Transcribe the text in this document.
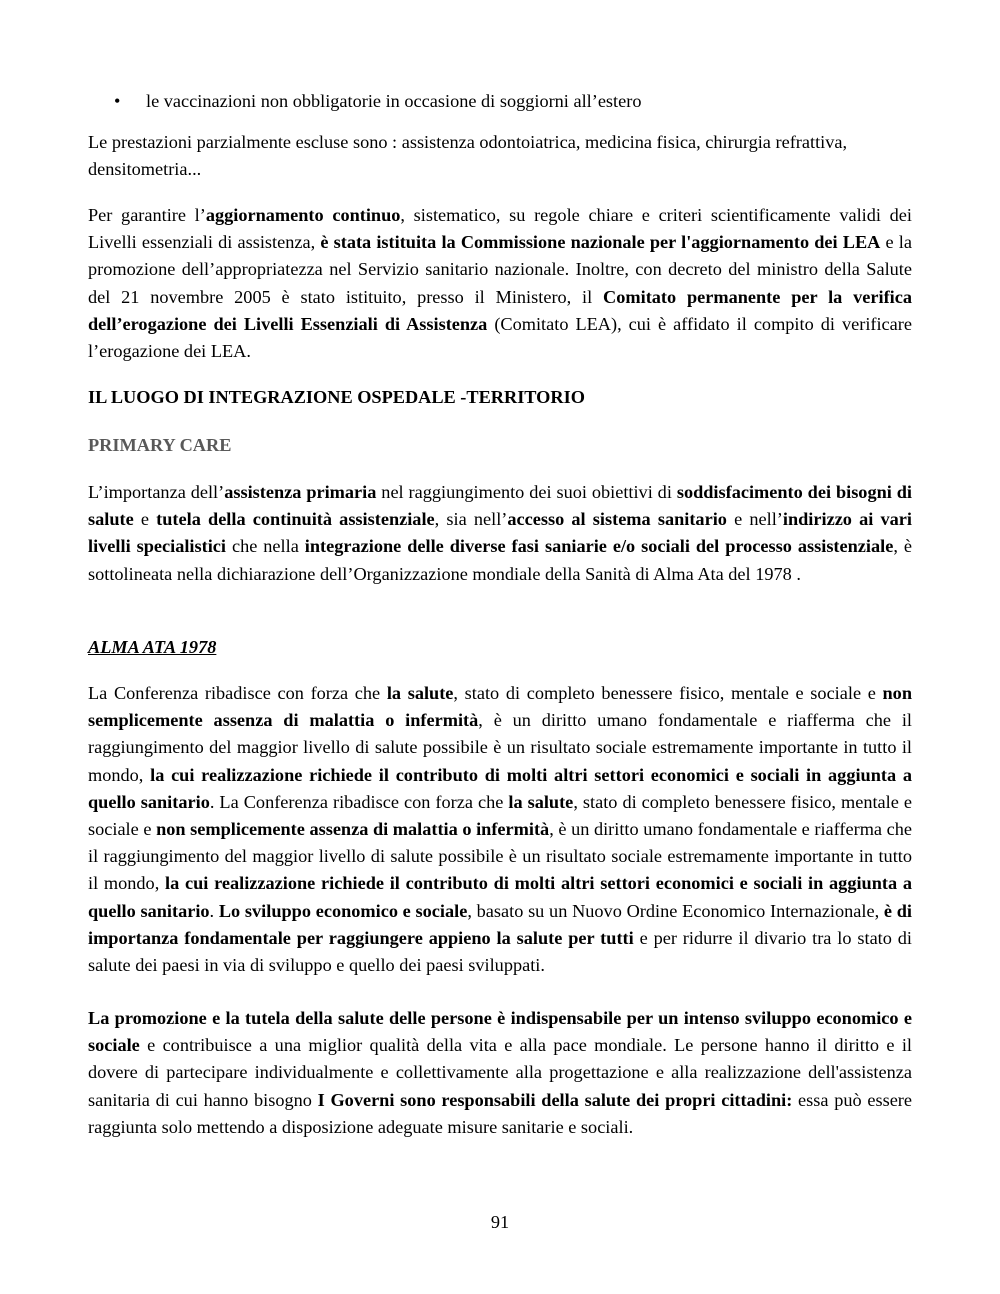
• le vaccinazioni non obbligatorie in occasione di soggiorni all’estero

Le prestazioni parzialmente escluse sono : assistenza odontoiatrica, medicina fisica, chirurgia refrattiva, densitometria...

Per garantire l’aggiornamento continuo, sistematico, su regole chiare e criteri scientificamente validi dei Livelli essenziali di assistenza, è stata istituita la Commissione nazionale per l'aggiornamento dei LEA e la promozione dell’appropriatezza nel Servizio sanitario nazionale. Inoltre, con decreto del ministro della Salute del 21 novembre 2005 è stato istituito, presso il Ministero, il Comitato permanente per la verifica dell’erogazione dei Livelli Essenziali di Assistenza (Comitato LEA), cui è affidato il compito di verificare l’erogazione dei LEA.

IL LUOGO DI INTEGRAZIONE OSPEDALE -TERRITORIO
PRIMARY CARE

L’importanza dell’assistenza primaria nel raggiungimento dei suoi obiettivi di soddisfacimento dei bisogni di salute e tutela della continuità assistenziale, sia nell’accesso al sistema sanitario e nell’indirizzo ai vari livelli specialistici che nella integrazione delle diverse fasi saniarie e/o sociali del processo assistenziale, è sottolineata nella dichiarazione dell’Organizzazione mondiale della Sanità di Alma Ata del 1978 .

ALMA ATA 1978

La Conferenza ribadisce con forza che la salute, stato di completo benessere fisico, mentale e sociale e non semplicemente assenza di malattia o infermità, è un diritto umano fondamentale e riafferma che il raggiungimento del maggior livello di salute possibile è un risultato sociale estremamente importante in tutto il mondo, la cui realizzazione richiede il contributo di molti altri settori economici e sociali in aggiunta a quello sanitario. La Conferenza ribadisce con forza che la salute, stato di completo benessere fisico, mentale e sociale e non semplicemente assenza di malattia o infermità, è un diritto umano fondamentale e riafferma che il raggiungimento del maggior livello di salute possibile è un risultato sociale estremamente importante in tutto il mondo, la cui realizzazione richiede il contributo di molti altri settori economici e sociali in aggiunta a quello sanitario. Lo sviluppo economico e sociale, basato su un Nuovo Ordine Economico Internazionale, è di importanza fondamentale per raggiungere appieno la salute per tutti e per ridurre il divario tra lo stato di salute dei paesi in via di sviluppo e quello dei paesi sviluppati.

La promozione e la tutela della salute delle persone è indispensabile per un intenso sviluppo economico e sociale e contribuisce a una miglior qualità della vita e alla pace mondiale. Le persone hanno il diritto e il dovere di partecipare individualmente e collettivamente alla progettazione e alla realizzazione dell'assistenza sanitaria di cui hanno bisogno I Governi sono responsabili della salute dei propri cittadini: essa può essere raggiunta solo mettendo a disposizione adeguate misure sanitarie e sociali.

91
